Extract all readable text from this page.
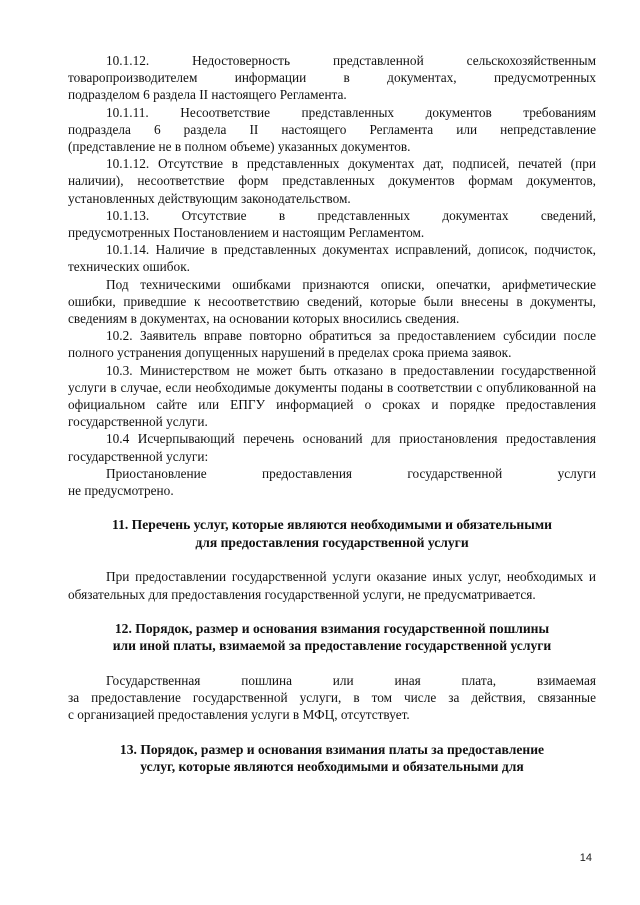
10.1.12. Недостоверность представленной сельскохозяйственным

товаропроизводителем информации в документах, предусмотренных

подразделом 6 раздела II настоящего Регламента.

10.1.11. Несоответствие представленных документов требованиям

подраздела 6 раздела II настоящего Регламента или непредставление

(представление не в полном объеме) указанных документов.

10.1.12. Отсутствие в представленных документах дат, подписей, печатей (при наличии), несоответствие форм представленных документов формам документов, установленных действующим законодательством.

10.1.13. Отсутствие в представленных документах сведений,

предусмотренных Постановлением и настоящим Регламентом.

10.1.14. Наличие в представленных документах исправлений, дописок, подчисток, технических ошибок.

Под техническими ошибками признаются описки, опечатки, арифметические ошибки, приведшие к несоответствию сведений, которые были внесены в документы, сведениям в документах, на основании которых вносились сведения.

10.2. Заявитель вправе повторно обратиться за предоставлением субсидии после полного устранения допущенных нарушений в пределах срока приема заявок.

10.3. Министерством не может быть отказано в предоставлении государственной услуги в случае, если необходимые документы поданы в соответствии с опубликованной на официальном сайте или ЕПГУ информацией о сроках и порядке предоставления государственной услуги.

10.4 Исчерпывающий перечень оснований для приостановления предоставления государственной услуги:

Приостановление предоставления государственной услуги

не предусмотрено.

11. Перечень услуг, которые являются необходимыми и обязательными

для предоставления государственной услуги

При предоставлении государственной услуги оказание иных услуг, необходимых и обязательных для предоставления государственной услуги, не предусматривается.

12. Порядок, размер и основания взимания государственной пошлины

или иной платы, взимаемой за предоставление государственной услуги

Государственная пошлина или иная плата, взимаемая

за предоставление государственной услуги, в том числе за действия, связанные

с организацией предоставления услуги в МФЦ, отсутствует.

13. Порядок, размер и основания взимания платы за предоставление

услуг, которые являются необходимыми и обязательными для

14
